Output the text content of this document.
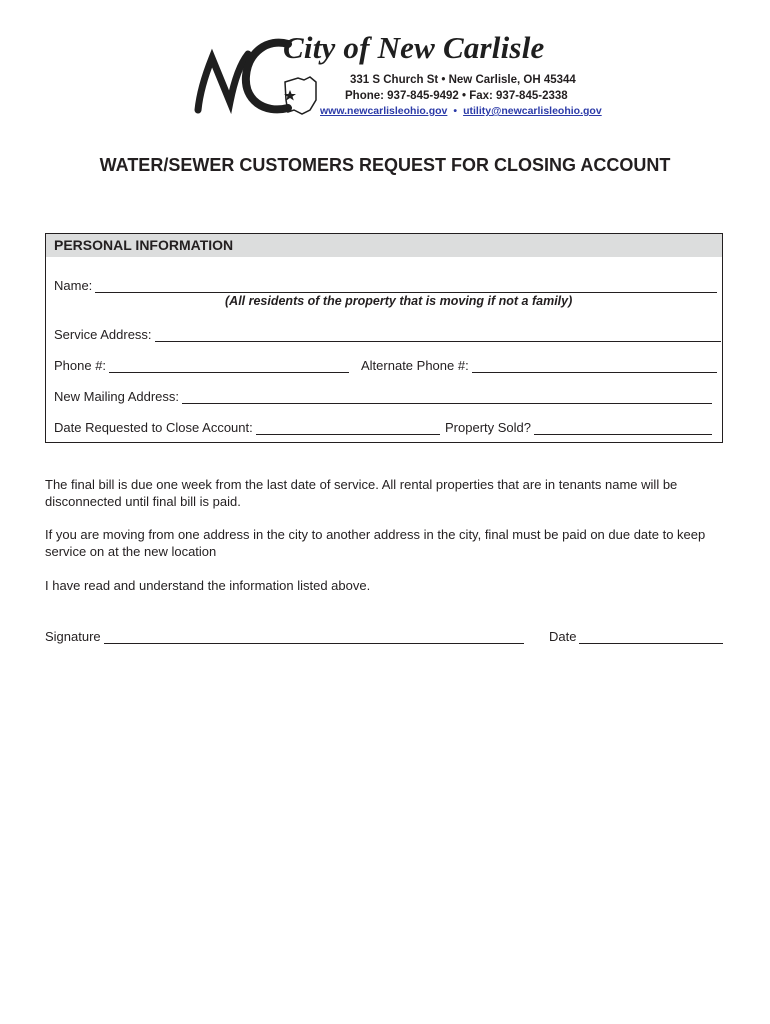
City of New Carlisle
331 S Church St • New Carlisle, OH 45344
Phone: 937-845-9492 • Fax: 937-845-2338
www.newcarlisleohio.gov • utility@newcarlisleohio.gov
WATER/SEWER CUSTOMERS REQUEST FOR CLOSING ACCOUNT
PERSONAL INFORMATION
Name:
(All residents of the property that is moving if not a family)
Service Address:
Phone #:	Alternate Phone #:
New Mailing Address:
Date Requested to Close Account:	Property Sold?
The final bill is due one week from the last date of service. All rental properties that are in tenants name will be disconnected until final bill is paid.
If you are moving from one address in the city to another address in the city, final must be paid on due date to keep service on at the new location
I have read and understand the information listed above.
Signature	Date
